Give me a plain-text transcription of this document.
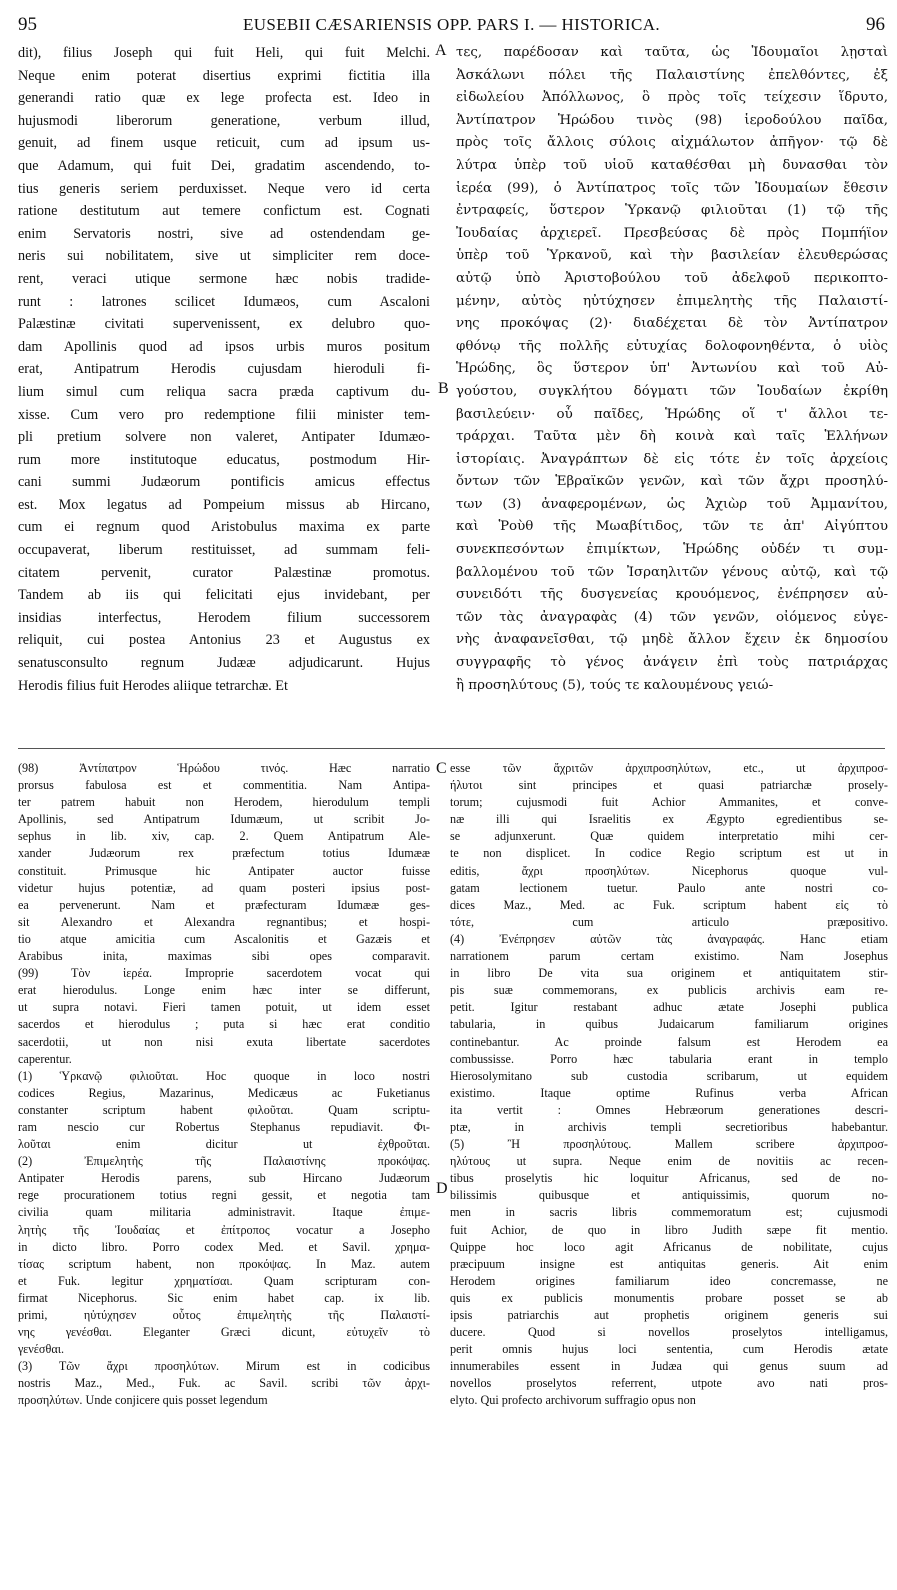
95	EUSEBII CÆSARIENSIS OPP. PARS I. — HISTORICA.	96
dit), filius Joseph qui fuit Heli, qui fuit Melchi.
Neque enim poterat disertius exprimi fictitia illa
generandi ratio quæ ex lege profecta est. Ideo in
hujusmodi liberorum generatione, verbum illud,
genuit, ad finem usque reticuit, cum ad ipsum us-
que Adamum, qui fuit Dei, gradatim ascendendo, to-
tius generis seriem perduxisset. Neque vero id certa
ratione destitutum aut temere confictum est. Cognati
enim Servatoris nostri, sive ad ostendendam ge-
neris sui nobilitatem, sive ut simpliciter rem doce-
rent, veraci utique sermone hæc nobis tradide-
runt : latrones scilicet Idumæos, cum Ascaloni
Palæstinæ civitati supervenissent, ex delubro quo-
dam Apollinis quod ad ipsos urbis muros positum
erat, Antipatrum Herodis cujusdam hieroduli fi-
lium simul cum reliqua sacra præda captivum du-
xisse. Cum vero pro redemptione filii minister tem-
pli pretium solvere non valeret, Antipater Idumæo-
rum more institutoque educatus, postmodum Hir-
cani summi Judæorum pontificis amicus effectus
est. Mox legatus ad Pompeium missus ab Hircano,
cum ei regnum quod Aristobulus maxima ex parte
occupaverat, liberum restituisset, ad summam feli-
citatem pervenit, curator Palæstinæ promotus.
Tandem ab iis qui felicitati ejus invidebant, per
insidias interfectus, Herodem filium successorem
reliquit, cui postea Antonius 23 et Augustus ex
senatusconsulto regnum Judææ adjudicarunt. Hujus
Herodis filius fuit Herodes aliique tetrarchæ. Et
τες, παρέδοσαν καὶ ταῦτα, ὡς Ἰδουμαῖοι λῃσταὶ
Ἀσκάλωνι πόλει τῆς Παλαιστίνης ἐπελθόντες, ἐξ
εἰδωλείου Ἀπόλλωνος, ὃ πρὸς τοῖς τείχεσιν ἵδρυτο,
Ἀντίπατρον Ἡρώδου τινὸς (98) ἱεροδούλου παῖδα,
πρὸς τοῖς ἄλλοις σύλοις αἰχμάλωτον ἀπῆγον· τῷ δὲ
λύτρα ὑπὲρ τοῦ υἱοῦ καταθέσθαι μὴ δυνασθαι τὸν
ἱερέα (99), ὁ Ἀντίπατρος τοῖς τῶν Ἰδουμαίων ἔθεσιν
ἐντραφείς, ὕστερον Ὑρκανῷ φιλιοῦται (1) τῷ τῆς
Ἰουδαίας ἀρχιερεῖ. Πρεσβεύσας δὲ πρὸς Πομπήϊον
ὑπὲρ τοῦ Ὑρκανοῦ, καὶ τὴν βασιλείαν ἐλευθερώσας
αὐτῷ ὑπὸ Ἀριστοβούλου τοῦ ἀδελφοῦ περικοπτο-
μένην, αὐτὸς ηὐτύχησεν ἐπιμελητὴς τῆς Παλαιστί-
νης προκόψας (2)· διαδέχεται δὲ τὸν Ἀντίπατρον
φθόνῳ τῆς πολλῆς εὐτυχίας δολοφονηθέντα, ὁ υἱὸς
Ἡρώδης, ὃς ὕστερον ὑπ' Ἀντωνίου καὶ τοῦ Αὐ-
γούστου, συγκλήτου δόγματι τῶν Ἰουδαίων ἐκρίθη
βασιλεύειν· οὗ παῖδες, Ἡρώδης οἵ τ' ἄλλοι τε-
τράρχαι. Ταῦτα μὲν δὴ κοινὰ καὶ ταῖς Ἑλλήνων
ἱστορίαις. Ἀναγράπτων δὲ εἰς τότε ἐν τοῖς ἀρχείοις
ὄντων τῶν Ἑβραϊκῶν γενῶν, καὶ τῶν ἄχρι προσηλύ-
των (3) ἀναφερομένων, ὡς Ἀχιὼρ τοῦ Ἀμμανίτου,
καὶ Ῥοὺθ τῆς Μωαβίτιδος, τῶν τε ἀπ' Αἰγύπτου
συνεκπεσόντων ἐπιμίκτων, Ἡρώδης οὐδέν τι συμ-
βαλλομένου τοῦ τῶν Ἰσραηλιτῶν γένους αὐτῷ, καὶ τῷ
συνειδότι τῆς δυσγενείας κρουόμενος, ἐνέπρησεν αὐ-
τῶν τὰς ἀναγραφὰς (4) τῶν γενῶν, οἰόμενος εὐγε-
νὴς ἀναφανεῖσθαι, τῷ μηδὲ ἄλλον ἔχειν ἐκ δημοσίου
συγγραφῆς τὸ γένος ἀνάγειν ἐπὶ τοὺς πατριάρχας
ἢ προσηλύτους (5), τούς τε καλουμένους γειώ-
A
B
C
D
(98) Ἀντίπατρον Ἡρώδου τινός. Hæc narratio
prorsus fabulosa est et commentitia. Nam Antipa-
ter patrem habuit non Herodem, hierodulum templi
Apollinis, sed Antipatrum Idumæum, ut scribit Jo-
sephus in lib. xiv, cap. 2. Quem Antipatrum Ale-
xander Judæorum rex præfectum totius Idumææ
constituit. Primusque hic Antipater auctor fuisse
videtur hujus potentiæ, ad quam posteri ipsius post-
ea pervenerunt. Nam et præfecturam Idumææ ges-
sit Alexandro et Alexandra regnantibus; et hospi-
tio atque amicitia cum Ascalonitis et Gazæis et
Arabibus inita, maximas sibi opes comparavit.
(99) Τὸν ἱερέα. Improprie sacerdotem vocat qui
erat hierodulus. Longe enim hæc inter se differunt,
ut supra notavi. Fieri tamen potuit, ut idem esset
sacerdos et hierodulus ; puta si hæc erat conditio
sacerdotii, ut non nisi exuta libertate sacerdotes
caperentur.
(1) Ὑρκανῷ φιλιοῦται. Hoc quoque in loco nostri
codices Regius, Mazarinus, Medicæus ac Fuketianus
constanter scriptum habent φιλοῦται. Quam scriptu-
ram nescio cur Robertus Stephanus repudiavit. Φι-
λοῦται enim dicitur ut ἐχθροῦται.
(2) Ἐπιμελητὴς τῆς Παλαιστίνης προκόψας.
Antipater Herodis parens, sub Hircano Judæorum
rege procurationem totius regni gessit, et negotia tam
civilia quam militaria administravit. Itaque ἐπιμε-
λητὴς τῆς Ἰουδαίας et ἐπίτροπος vocatur a Josepho
in dicto libro. Porro codex Med. et Savil. χρημα-
τίσας scriptum habent, non προκόψας. In Maz. autem
et Fuk. legitur χρηματίσαι. Quam scripturam con-
firmat Nicephorus. Sic enim habet cap. ix lib.
primi, ηὐτύχησεν οὗτος ἐπιμελητὴς τῆς Παλαιστί-
νης γενέσθαι. Eleganter Græci dicunt, εὐτυχεῖν τὸ
γενέσθαι.
(3) Τῶν ἄχρι προσηλύτων. Mirum est in codicibus
nostris Maz., Med., Fuk. ac Savil. scribi τῶν ἀρχι-
προσηλύτων. Unde conjicere quis posset legendum
esse τῶν ἄχριτῶν ἀρχιπροσηλύτων, etc., ut ἀρχιπροσ-
ήλυτοι sint principes et quasi patriarchæ prosely-
torum; cujusmodi fuit Achior Ammanites, et conve-
næ illi qui Israelitis ex Ægypto egredientibus se-
se adjunxerunt. Quæ quidem interpretatio mihi cer-
te non displicet. In codice Regio scriptum est ut in
editis, ἄχρι προσηλύτων. Nicephorus quoque vul-
gatam lectionem tuetur. Paulo ante nostri co-
dices Maz., Med. ac Fuk. scriptum habent εἰς τὸ
τότε, cum articulo præpositivo.
(4) Ἐνέπρησεν αὐτῶν τὰς ἀναγραφάς. Hanc etiam
narrationem parum certam existimo. Nam Josephus
in libro De vita sua originem et antiquitatem stir-
pis suæ commemorans, ex publicis archivis eam re-
petit. Igitur restabant adhuc ætate Josephi publica
tabularia, in quibus Judaicarum familiarum origines
continebantur. Ac proinde falsum est Herodem ea
combussisse. Porro hæc tabularia erant in templo
Hierosolymitano sub custodia scribarum, ut equidem
existimo. Itaque optime Rufinus verba African
ita vertit : Omnes Hebræorum generationes descri-
ptæ, in archivis templi secretioribus habebantur.
(5) Ἢ προσηλύτους. Mallem scribere ἀρχιπροσ-
ηλύτους ut supra. Neque enim de novitiis ac recen-
tibus proselytis hic loquitur Africanus, sed de no-
bilissimis quibusque et antiquissimis, quorum no-
men in sacris libris commemoratum est; cujusmodi
fuit Achior, de quo in libro Judith sæpe fit mentio.
Quippe hoc loco agit Africanus de nobilitate, cujus
præcipuum insigne est antiquitas generis. Ait enim
Herodem origines familiarum ideo concremasse, ne
quis ex publicis monumentis probare posset se ab
ipsis patriarchis aut prophetis originem generis sui
ducere. Quod si novellos proselytos intelligamus,
perit omnis hujus loci sententia, cum Herodis ætate
innumerabiles essent in Judæa qui genus suum ad
novellos proselytos referrent, utpote avo nati pros-
elyto. Qui profecto archivorum suffragio opus non
